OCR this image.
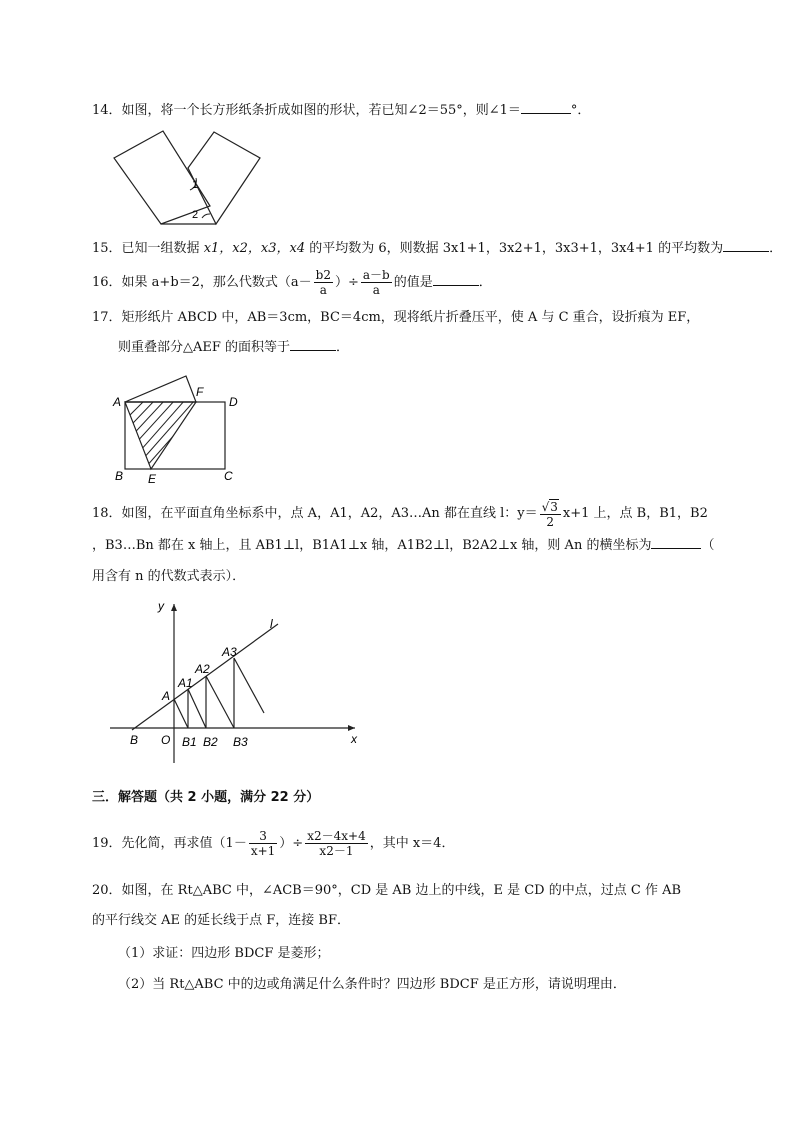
14．如图，将一个长方形纸条折成如图的形状，若已知∠2＝55°，则∠1＝	°．
1
2
15．已知一组数据 x1，x2，x3，x4 的平均数为 6，则数据 3x1+1，3x2+1，3x3+1，3x4+1 的平均数为	．
16．如果 a+b＝2，那么代数式（$a- \frac{b2}{a}$ ）÷ $\frac{a-b}{a}$ 的值是	．
17．矩形纸片 ABCD 中，AB＝3cm，BC＝4cm，现将纸片折叠压平，使 A 与 C 重合，设折痕为 EF，
则重叠部分△AEF 的面积等于	．
A
F
D
B E	C
18．如图，在平面直角坐标系中，点 A，A1，A2，A3…An 都在直线 l：$y= \frac{√3}{2} x+1$ 上，点 B，B1，B2
，B3…Bn 都在 x 轴上，且 AB1⊥l，B1A1⊥x 轴，A1B2⊥l，B2A2⊥x 轴，则 An 的横坐标为	（
用含有 n 的代数式表示）．
y
x
l
A
A1
A2
A3
B O B1 B2 B3
三．解答题（共 2 小题，满分 22 分）
19．先化简，再求值（$1- \frac{3}{x+1}$ ）÷ $\frac{x2-4x+4}{x2-1}$ ，其中 x＝4．
20．如图，在 Rt△ABC 中，∠ACB＝90°，CD 是 AB 边上的中线，E 是 CD 的中点，过点 C 作 AB
的平行线交 AE 的延长线于点 F，连接 BF．
（1）求证：四边形 BDCF 是菱形；
（2）当 Rt△ABC 中的边或角满足什么条件时？四边形 BDCF 是正方形，请说明理由．
